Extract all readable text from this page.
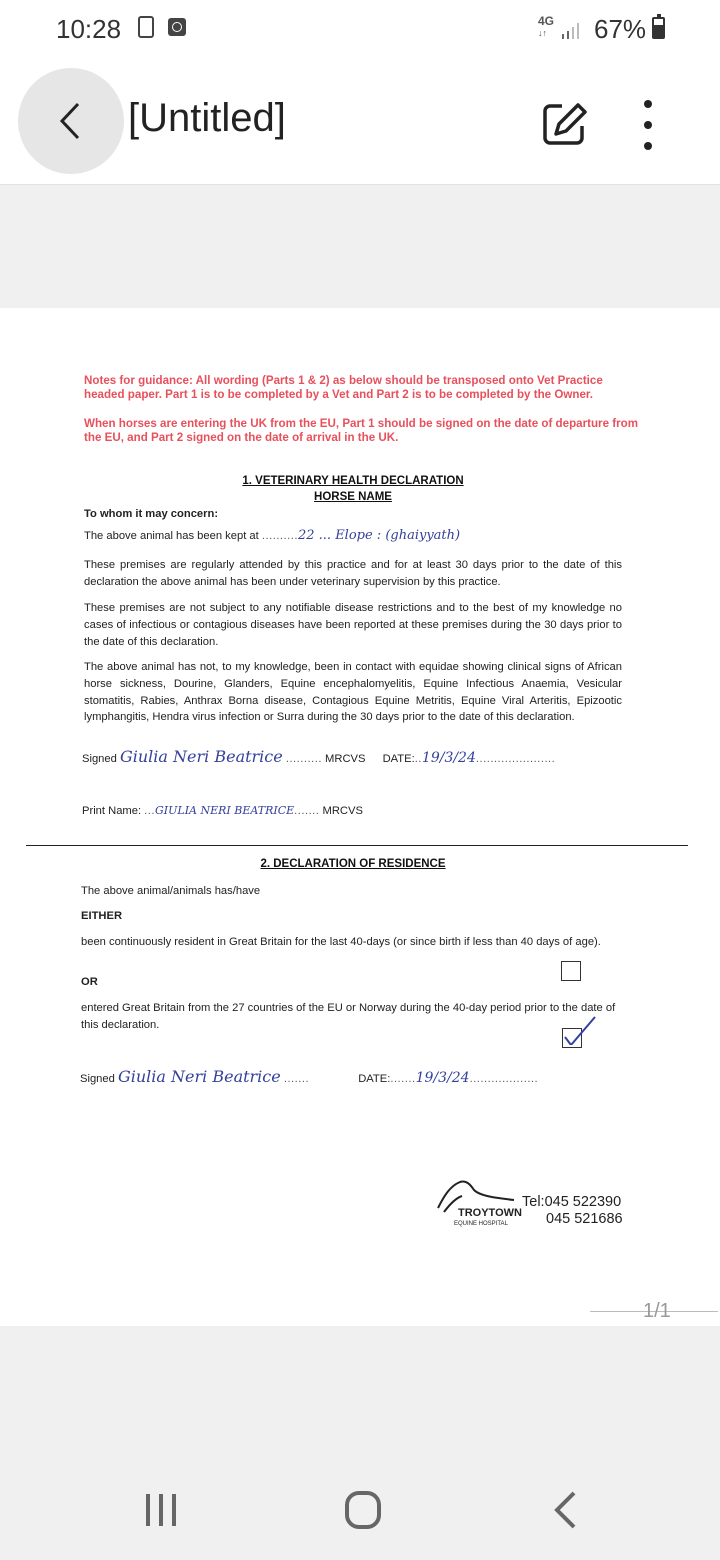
10:28	4G
↓↑ 67%
[Untitled]
Notes for guidance: All wording (Parts 1 & 2) as below should be transposed onto Vet Practice headed paper. Part 1 is to be completed by a Vet and Part 2 is to be completed by the Owner.
When horses are entering the UK from the EU, Part 1 should be signed on the date of departure from the EU, and Part 2 signed on the date of arrival in the UK.
1. VETERINARY HEALTH DECLARATION
HORSE NAME
To whom it may concern:
The above animal has been kept at ..........22 ... Elope : (ghaiyyath)
These premises are regularly attended by this practice and for at least 30 days prior to the date of this declaration the above animal has been under veterinary supervision by this practice.
These premises are not subject to any notifiable disease restrictions and to the best of my knowledge no cases of infectious or contagious diseases have been reported at these premises during the 30 days prior to the date of this declaration.
The above animal has not, to my knowledge, been in contact with equidae showing clinical signs of African horse sickness, Dourine, Glanders, Equine encephalomyelitis, Equine Infectious Anaemia, Vesicular stomatitis, Rabies, Anthrax Borna disease, Contagious Equine Metritis, Equine Viral Arteritis, Epizootic lymphangitis, Hendra virus infection or Surra during the 30 days prior to the date of this declaration.
Signed Giulia Neri Beatrice .......... MRCVS DATE:..19/3/24......................
Print Name: ...GIULIA NERI BEATRICE....... MRCVS
2. DECLARATION OF RESIDENCE
The above animal/animals has/have
EITHER
been continuously resident in Great Britain for the last 40-days (or since birth if less than 40 days of age).
OR
entered Great Britain from the 27 countries of the EU or Norway during the 40-day period prior to the date of this declaration.
Signed Giulia Neri Beatrice .......	DATE:.......19/3/24...................
TROYTOWN
EQUINE HOSPITAL
Tel:045 522390
045 521686
1/1
